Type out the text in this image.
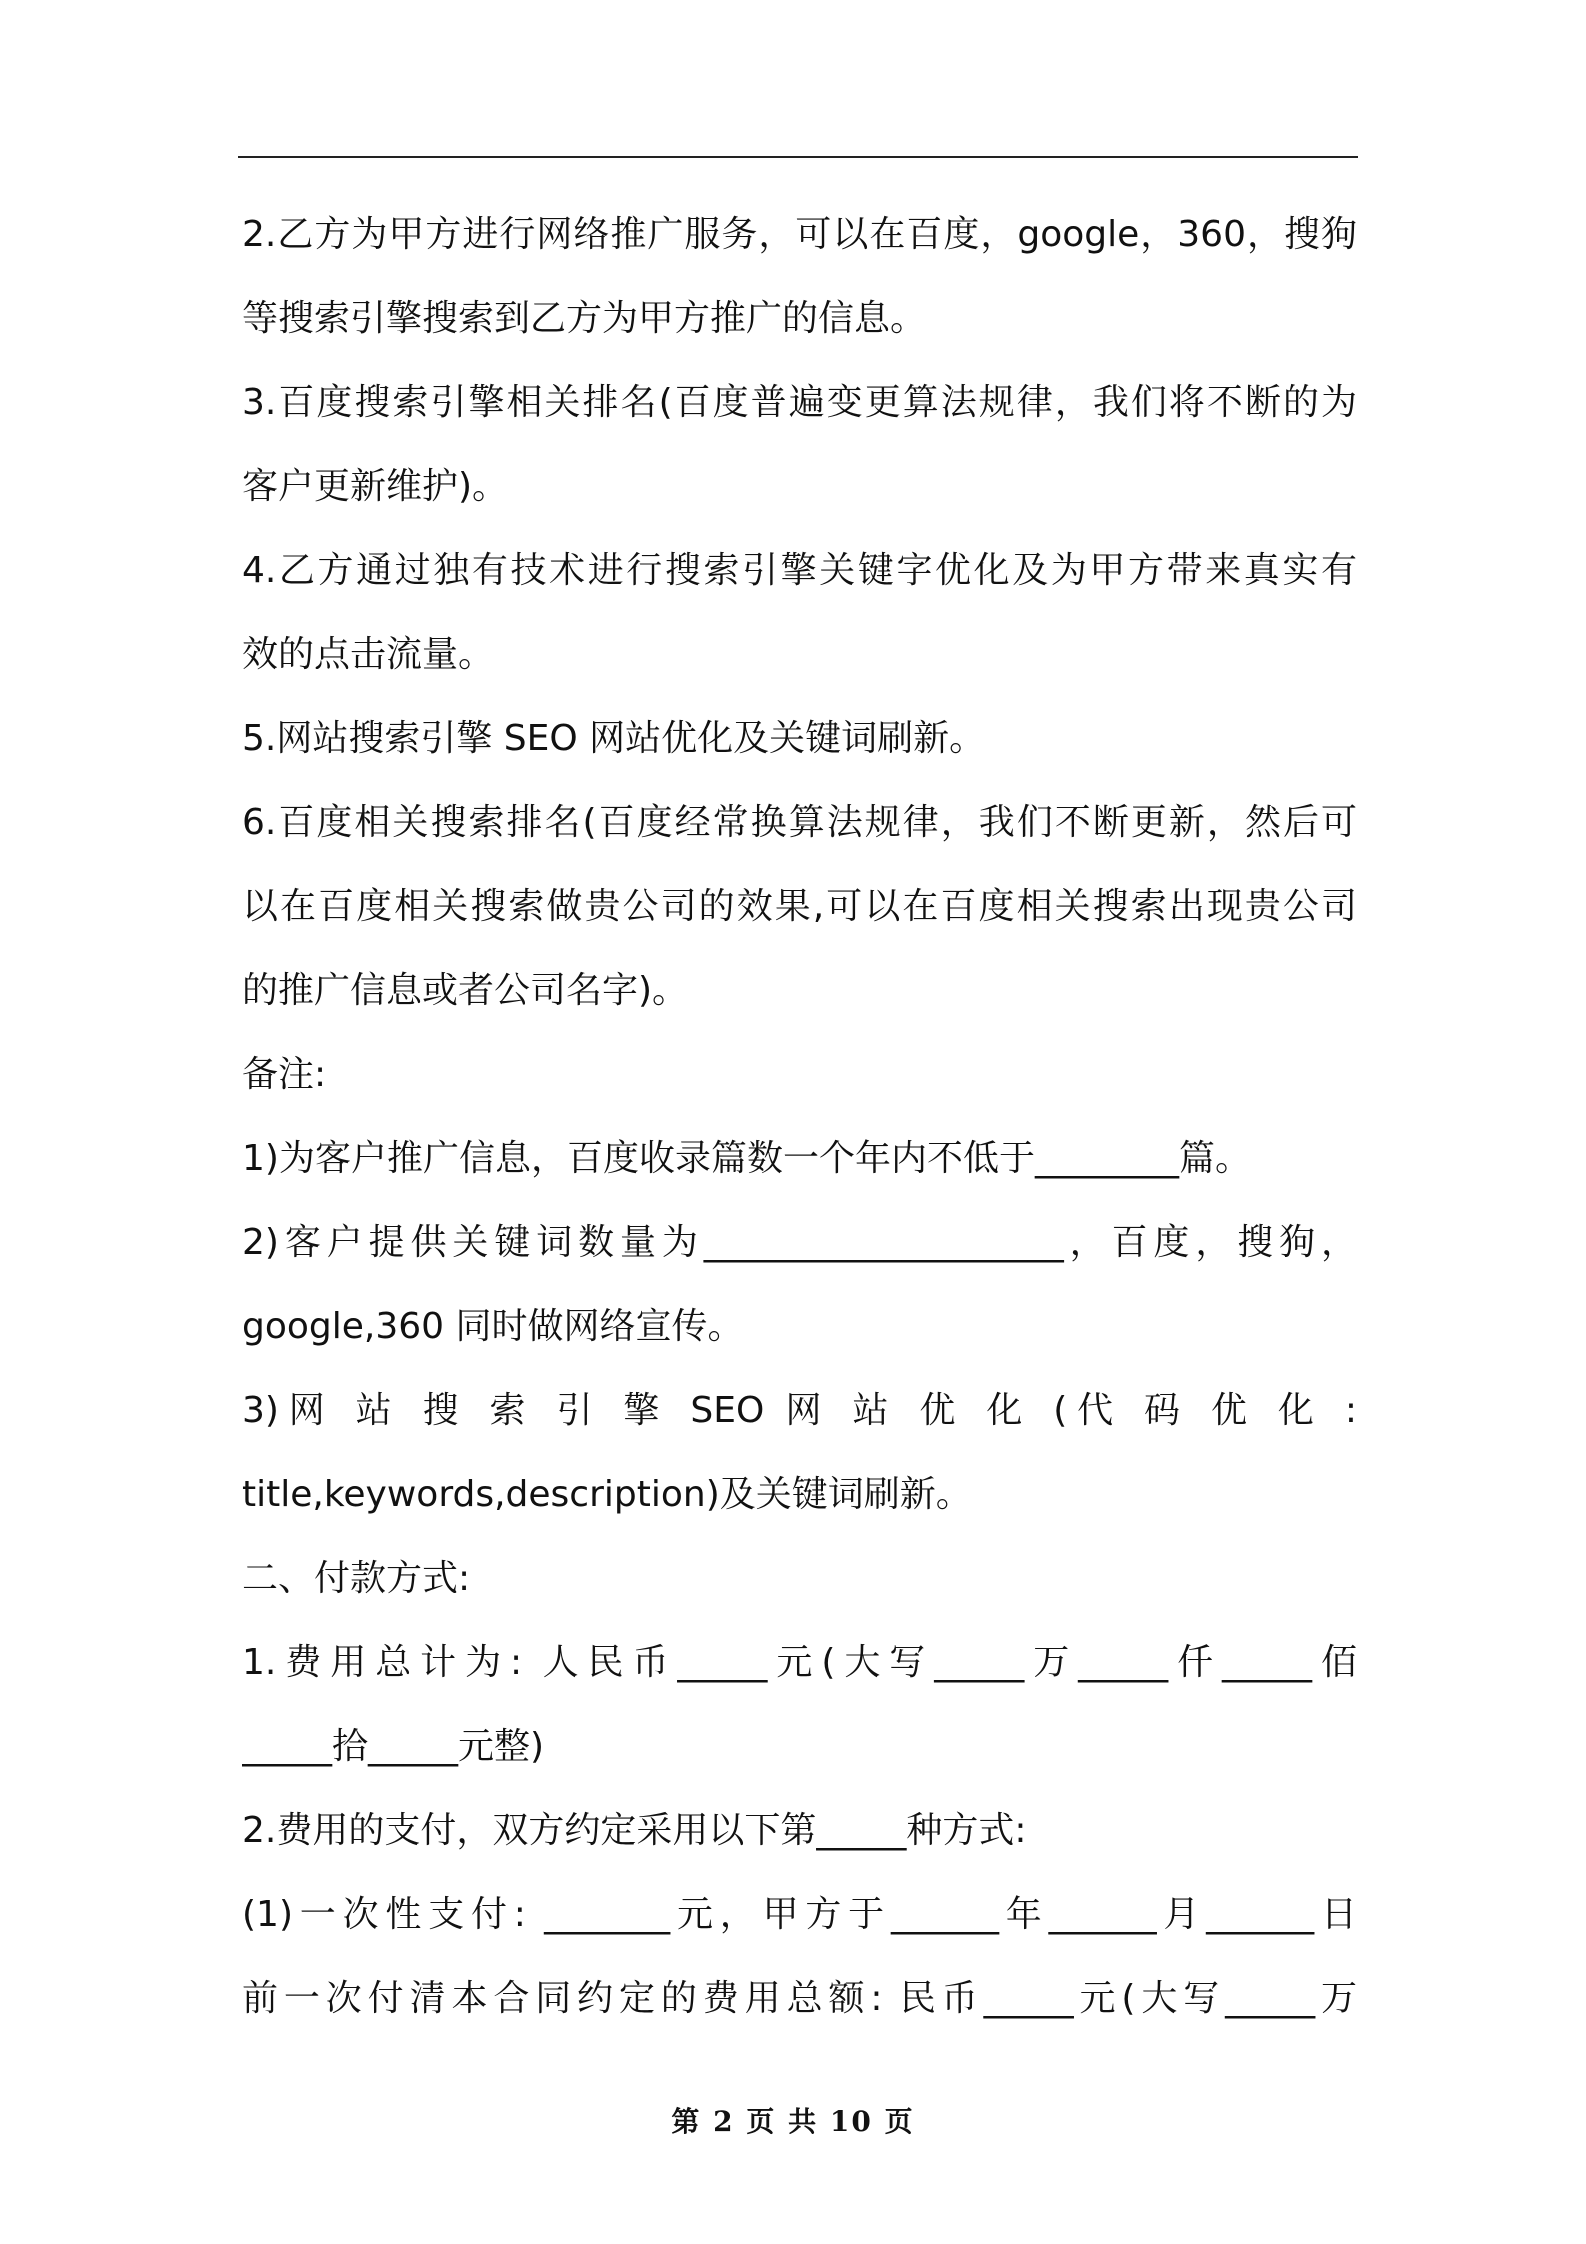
2.乙方为甲方进行网络推广服务，可以在百度，google，360，搜狗
等搜索引擎搜索到乙方为甲方推广的信息。
3.百度搜索引擎相关排名(百度普遍变更算法规律，我们将不断的为
客户更新维护)。
4.乙方通过独有技术进行搜索引擎关键字优化及为甲方带来真实有
效的点击流量。
5.网站搜索引擎 SEO 网站优化及关键词刷新。
6.百度相关搜索排名(百度经常换算法规律，我们不断更新，然后可
以在百度相关搜索做贵公司的效果,可以在百度相关搜索出现贵公司
的推广信息或者公司名字)。
备注:
1)为客户推广信息，百度收录篇数一个年内不低于________篇。
2)客户提供关键词数量为____________________，百度，搜狗，
google,360 同时做网络宣传。
3)网 站 搜 索 引 擎 SEO 网 站 优 化 (代 码 优 化 :
title,keywords,description)及关键词刷新。
二、付款方式:
1.费用总计为: 人民币_____元(大写_____万_____仟_____佰
_____拾_____元整)
2.费用的支付，双方约定采用以下第_____种方式:
(1)一次性支付: _______元，甲方于______年______月______日
前一次付清本合同约定的费用总额: 民币_____元(大写_____万
第 2 页 共 10 页
